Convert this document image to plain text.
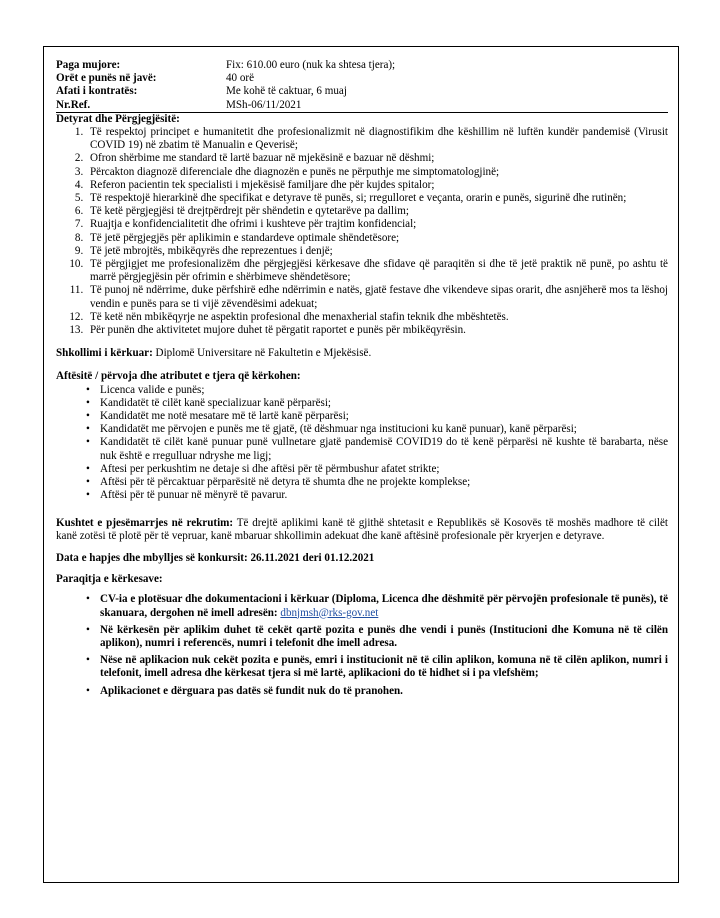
Paga mujore:	Fix: 610.00 euro (nuk ka shtesa tjera);
Orët e punës në javë:	40 orë
Afati i kontratës:	Me kohë të caktuar, 6 muaj
Nr.Ref.	MSh-06/11/2021
Detyrat dhe Përgjegjësitë:
1. Të respektoj principet e humanitetit dhe profesionalizmit në diagnostifikim dhe këshillim në luftën kundër pandemisë (Virusit COVID 19) në zbatim të Manualin e Qeverisë;
2. Ofron shërbime me standard të lartë bazuar në mjekësinë e bazuar në dëshmi;
3. Përcakton diagnozë diferenciale dhe diagnozën e punës ne përputhje me simptomatologjinë;
4. Referon pacientin tek specialisti i mjekësisë familjare dhe për kujdes spitalor;
5. Të respektojë hierarkinë dhe specifikat e detyrave të punës, si; rregulloret e veçanta, orarin e punës, sigurinë dhe rutinën;
6. Të ketë përgjegjësi të drejtpërdrejt për shëndetin e qytetarëve pa dallim;
7. Ruajtja e konfidencialitetit dhe ofrimi i kushteve për trajtim konfidencial;
8. Të jetë përgjegjës për aplikimin e standardeve optimale shëndetësore;
9. Të jetë mbrojtës, mbikëqyrës dhe reprezentues i denjë;
10. Të përgjigjet me profesionalizëm dhe përgjegjësi kërkesave dhe sfidave që paraqitën si dhe të jetë praktik në punë, po ashtu të marrë përgjegjësin për ofrimin e shërbimeve shëndetësore;
11. Të punoj në ndërrime, duke përfshirë edhe ndërrimin e natës, gjatë festave dhe vikendeve sipas orarit, dhe asnjëherë mos ta lëshoj vendin e punës para se ti vijë zëvendësimi adekuat;
12. Të ketë nën mbikëqyrje ne aspektin profesional dhe menaxherial stafin teknik dhe mbështetës.
13. Për punën dhe aktivitetet mujore duhet të përgatit raportet e punës për mbikëqyrësin.
Shkollimi i kërkuar: Diplomë Universitare në Fakultetin e Mjekësisë.
Aftësitë / përvoja dhe atributet e tjera që kërkohen:
• Licenca valide e punës;
• Kandidatët të cilët kanë specializuar kanë përparësi;
• Kandidatët me notë mesatare më të lartë kanë përparësi;
• Kandidatët me përvojen e punës me të gjatë, (të dëshmuar nga institucioni ku kanë punuar), kanë përparësi;
• Kandidatët të cilët kanë punuar punë vullnetare gjatë pandemisë COVID19 do të kenë përparësi në kushte të barabarta, nëse nuk është e rregulluar ndryshe me ligj;
• Aftesi per perkushtim ne detaje si dhe aftësi për të përmbushur afatet strikte;
• Aftësi për të përcaktuar përparësitë në detyra të shumta dhe ne projekte komplekse;
• Aftësi për të punuar në mënyrë të pavarur.
Kushtet e pjesëmarrjes në rekrutim: Të drejtë aplikimi kanë të gjithë shtetasit e Republikës së Kosovës të moshës madhore të cilët kanë zotësi të plotë për të vepruar, kanë mbaruar shkollimin adekuat dhe kanë aftësinë profesionale për kryerjen e detyrave.
Data e hapjes dhe mbylljes së konkursit: 26.11.2021 deri 01.12.2021
Paraqitja e kërkesave:
• CV-ia e plotësuar dhe dokumentacioni i kërkuar (Diploma, Licenca dhe dëshmitë për përvojën profesionale të punës), të skanuara, dergohen në imell adresën: dbnjmsh@rks-gov.net
• Në kërkesën për aplikim duhet të cekët qartë pozita e punës dhe vendi i punës (Institucioni dhe Komuna në të cilën aplikon), numri i referencës, numri i telefonit dhe imell adresa.
• Nëse në aplikacion nuk cekët pozita e punës, emri i institucionit në të cilin aplikon, komuna në të cilën aplikon, numri i telefonit, imell adresa dhe kërkesat tjera si më lartë, aplikacioni do të hidhet si i pa vlefshëm;
• Aplikacionet e dërguara pas datës së fundit nuk do të pranohen.
